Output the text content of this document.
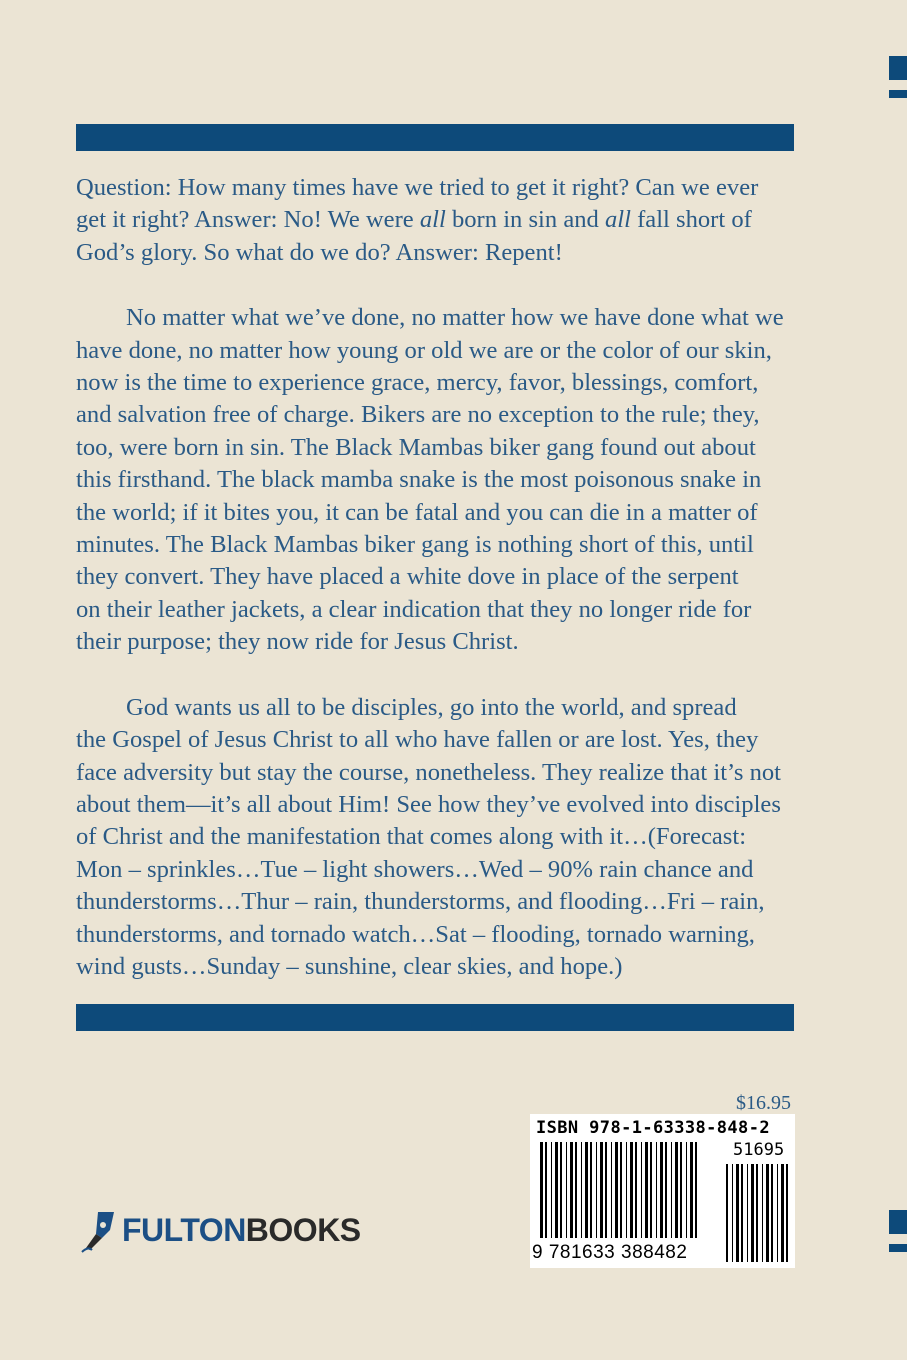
Question: How many times have we tried to get it right? Can we ever
get it right? Answer: No! We were all born in sin and all fall short of
God’s glory. So what do we do? Answer: Repent!

No matter what we’ve done, no matter how we have done what we
have done, no matter how young or old we are or the color of our skin,
now is the time to experience grace, mercy, favor, blessings, comfort,
and salvation free of charge. Bikers are no exception to the rule; they,
too, were born in sin. The Black Mambas biker gang found out about
this firsthand. The black mamba snake is the most poisonous snake in
the world; if it bites you, it can be fatal and you can die in a matter of
minutes. The Black Mambas biker gang is nothing short of this, until
they convert. They have placed a white dove in place of the serpent
on their leather jackets, a clear indication that they no longer ride for
their purpose; they now ride for Jesus Christ.

God wants us all to be disciples, go into the world, and spread
the Gospel of Jesus Christ to all who have fallen or are lost. Yes, they
face adversity but stay the course, nonetheless. They realize that it’s not
about them—it’s all about Him! See how they’ve evolved into disciples
of Christ and the manifestation that comes along with it…(Forecast:
Mon – sprinkles…Tue – light showers…Wed – 90% rain chance and
thunderstorms…Thur – rain, thunderstorms, and flooding…Fri – rain,
thunderstorms, and tornado watch…Sat – flooding, tornado warning,
wind gusts…Sunday – sunshine, clear skies, and hope.)

$16.95
ISBN 978-1-63338-848-2
51695
9 781633 388482
FULTONBOOKS
